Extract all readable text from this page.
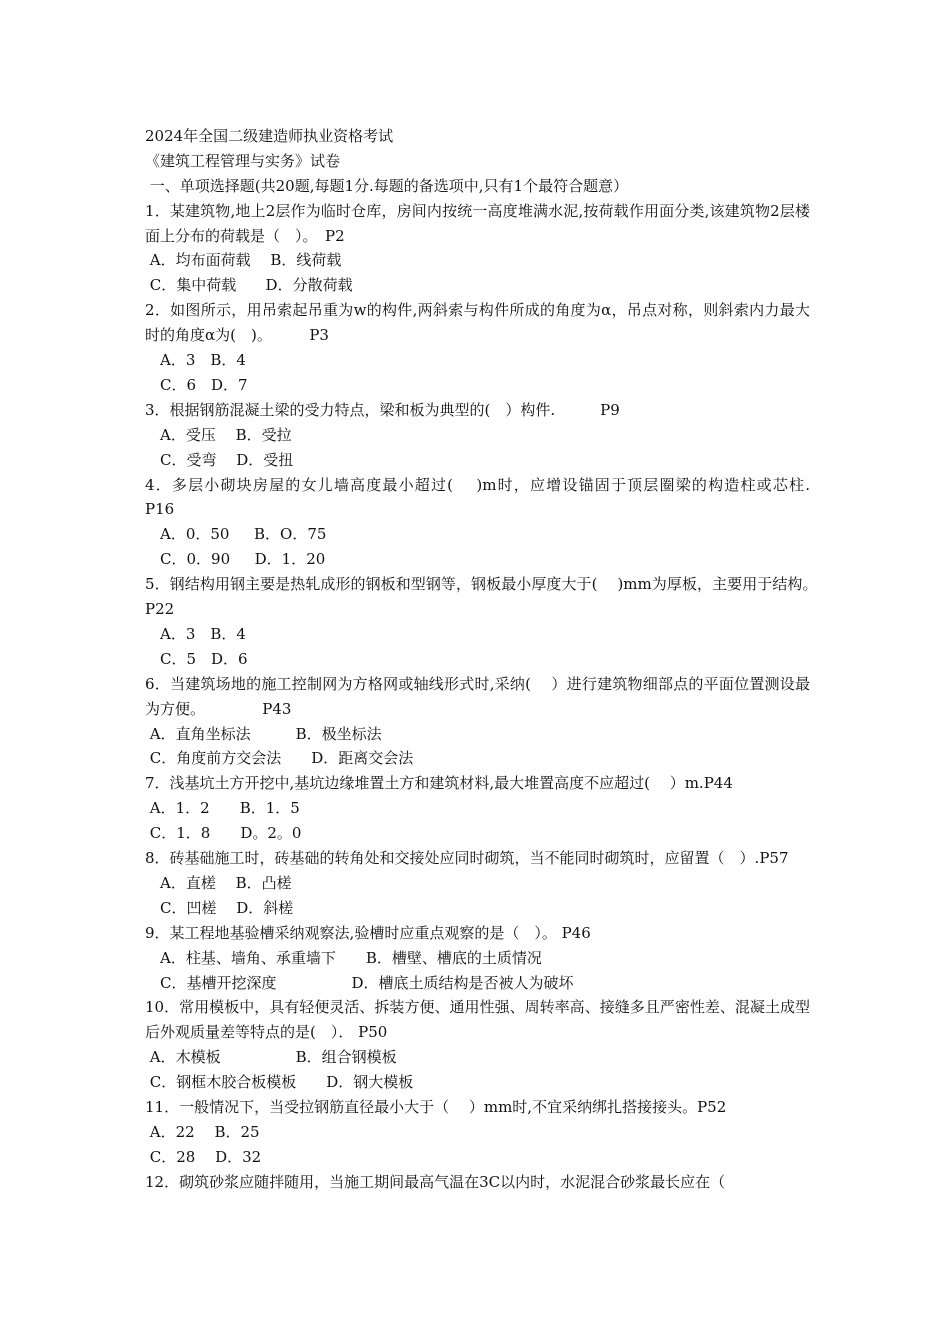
2024年全国二级建造师执业资格考试
《建筑工程管理与实务》试卷
一、单项选择题(共20题,每题1分.每题的备选项中,只有1个最符合题意）
1．某建筑物,地上2层作为临时仓库，房间内按统一高度堆满水泥,按荷载作用面分类,该建筑物2层楼面上分布的荷载是（　）。　P2
A．均布面荷载　 B．线荷载
C．集中荷载　   D．分散荷载
2．如图所示，用吊索起吊重为w的构件,两斜索与构件所成的角度为α，吊点对称，则斜索内力最大时的角度α为(　)。　　　P3
　A．3　B．4
　C．6　D．7
3．根据钢筋混凝土梁的受力特点，梁和板为典型的(　）构件.　　　P9
　A．受压　 B．受拉
　C．受弯　 D．受扭
4．多层小砌块房屋的女儿墙高度最小超过(　 )m时，应增设锚固于顶层圈梁的构造柱或芯柱.　　　P16
　A．0．50　  B．O．75
　C．0．90　  D．1．20
5．钢结构用钢主要是热轧成形的钢板和型钢等，钢板最小厚度大于(　 )mm为厚板，主要用于结构。　　　P22
　A．3　B．4
　C．5　D．6
6．当建筑场地的施工控制网为方格网或轴线形式时,采纳(　 ）进行建筑物细部点的平面位置测设最为方便。　　　　 P43
A．直角坐标法　　　B．极坐标法
C．角度前方交会法　　D．距离交会法
7．浅基坑土方开挖中,基坑边缘堆置土方和建筑材料,最大堆置高度不应超过(　 ）m.P44
A．1．2　　B．1．5
C．1．8　　D。2。0
8．砖基础施工时，砖基础的转角处和交接处应同时砌筑，当不能同时砌筑时，应留置（　）.P57
　A．直槎　 B．凸槎
　C．凹槎　 D．斜槎
9．某工程地基验槽采纳观察法,验槽时应重点观察的是（　）。 P46
　A．柱基、墙角、承重墙下　　B．槽壁、槽底的土质情况
　C．基槽开挖深度　　　　　D．槽底土质结构是否被人为破坏
10．常用模板中，具有轻便灵活、拆装方便、通用性强、周转率高、接缝多且严密性差、混凝土成型后外观质量差等特点的是(　）． P50
A．木模板　　　　　B．组合钢模板
C．钢框木胶合板模板　　D．钢大模板
11．一般情况下，当受拉钢筋直径最小大于（　 ）mm时,不宜采纳绑扎搭接接头。P52
A．22　 B．25
C．28　 D．32
12．砌筑砂浆应随拌随用，当施工期间最高气温在3C以内时，水泥混合砂浆最长应在（
